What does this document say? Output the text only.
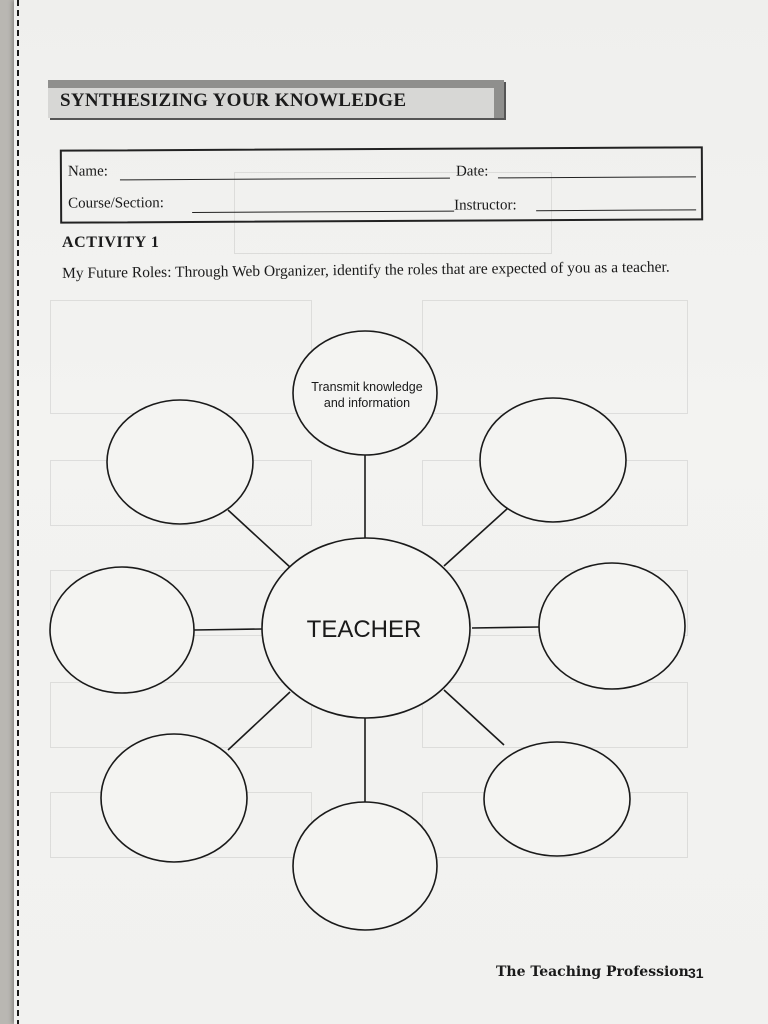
SYNTHESIZING YOUR KNOWLEDGE
Name:	Date:
Course/Section:	Instructor:
ACTIVITY 1
My Future Roles: Through Web Organizer, identify the roles that are expected of you as a teacher.
Transmit knowledge
and information
TEACHER
The Teaching Profession 31
